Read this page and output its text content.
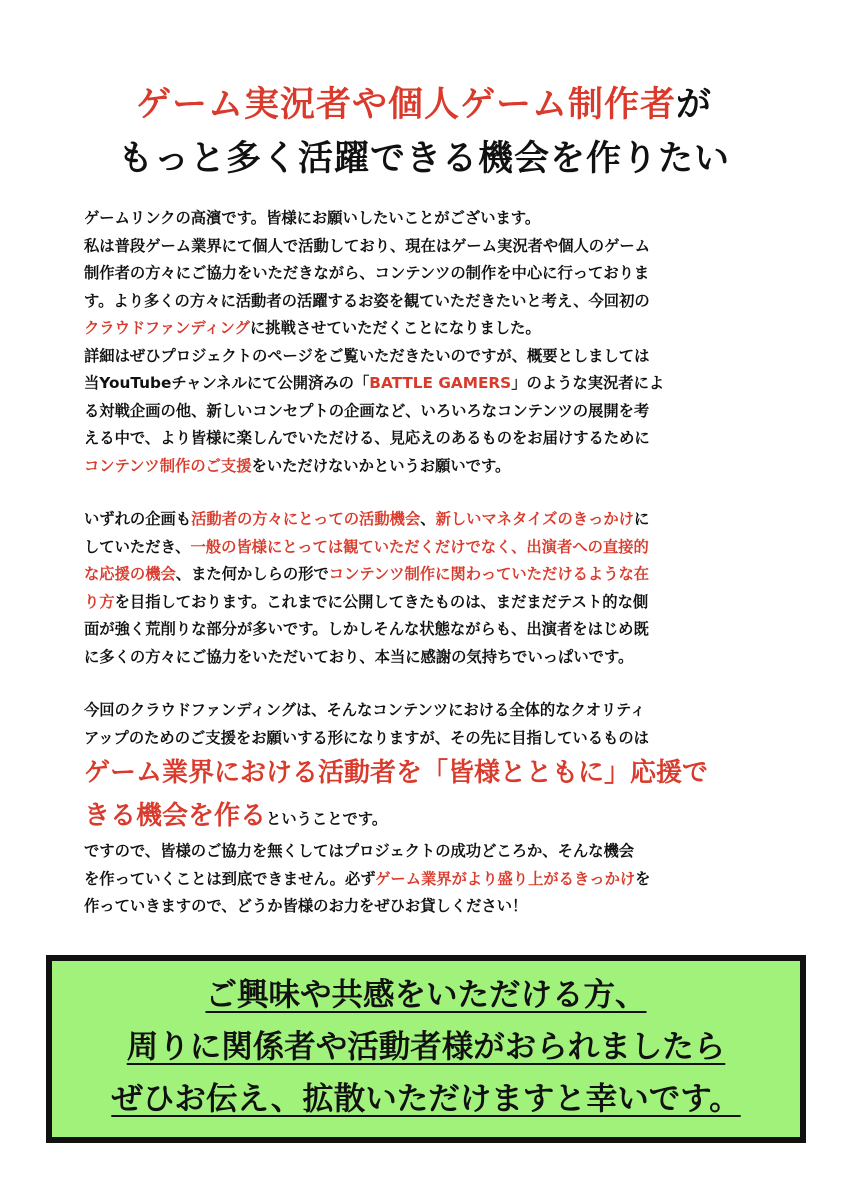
ゲーム実況者や個人ゲーム制作者が
もっと多く活躍できる機会を作りたい
ゲームリンクの高濱です。皆様にお願いしたいことがございます。
私は普段ゲーム業界にて個人で活動しており、現在はゲーム実況者や個人のゲーム
制作者の方々にご協力をいただきながら、コンテンツの制作を中心に行っておりま
す。より多くの方々に活動者の活躍するお姿を観ていただきたいと考え、今回初の
クラウドファンディングに挑戦させていただくことになりました。
詳細はぜひプロジェクトのページをご覧いただきたいのですが、概要としましては
当YouTubeチャンネルにて公開済みの「BATTLE GAMERS」のような実況者によ
る対戦企画の他、新しいコンセプトの企画など、いろいろなコンテンツの展開を考
える中で、より皆様に楽しんでいただける、見応えのあるものをお届けするために
コンテンツ制作のご支援をいただけないかというお願いです。
いずれの企画も活動者の方々にとっての活動機会、新しいマネタイズのきっかけに
していただき、一般の皆様にとっては観ていただくだけでなく、出演者への直接的
な応援の機会、また何かしらの形でコンテンツ制作に関わっていただけるような在
り方を目指しております。これまでに公開してきたものは、まだまだテスト的な側
面が強く荒削りな部分が多いです。しかしそんな状態ながらも、出演者をはじめ既
に多くの方々にご協力をいただいており、本当に感謝の気持ちでいっぱいです。
今回のクラウドファンディングは、そんなコンテンツにおける全体的なクオリティ
アップのためのご支援をお願いする形になりますが、その先に目指しているものは
ゲーム業界における活動者を「皆様とともに」応援で
きる機会を作るということです。
ですので、皆様のご協力を無くしてはプロジェクトの成功どころか、そんな機会
を作っていくことは到底できません。必ずゲーム業界がより盛り上がるきっかけを
作っていきますので、どうか皆様のお力をぜひお貸しください！
ご興味や共感をいただける方、
周りに関係者や活動者様がおられましたら
ぜひお伝え、拡散いただけますと幸いです。
